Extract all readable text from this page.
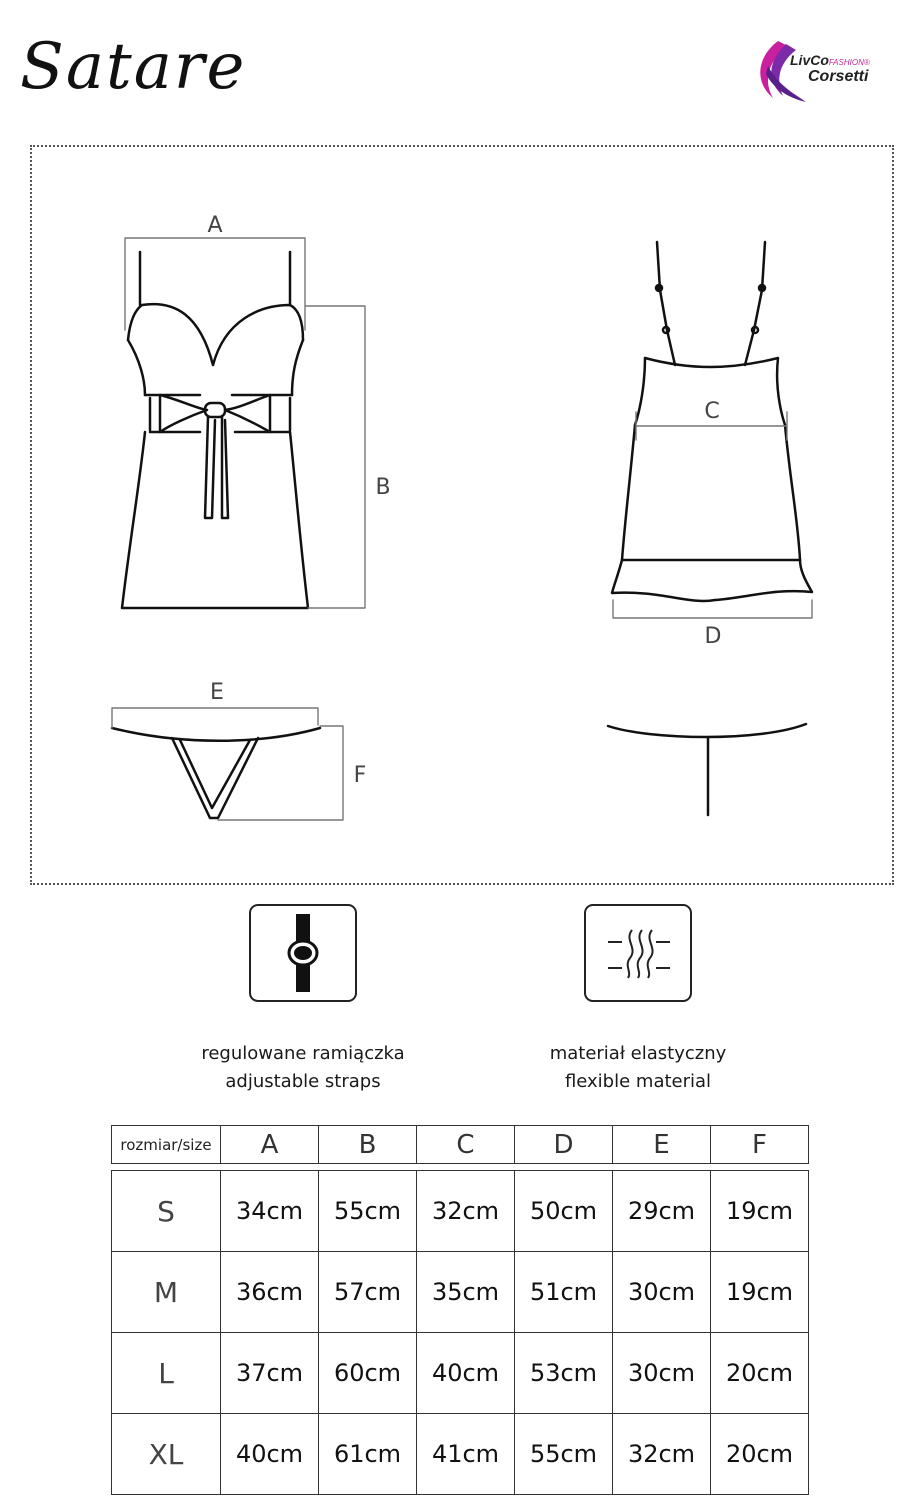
Satare	LivCoFASHION®
Corsetti
A
B
C
D
E
F
regulowane ramiączka
adjustable straps
materiał elastyczny
flexible material
rozmiar/size	A	B	C	D	E	F

S	34cm	55cm	32cm	50cm	29cm	19cm
M	36cm	57cm	35cm	51cm	30cm	19cm
L	37cm	60cm	40cm	53cm	30cm	20cm
XL	40cm	61cm	41cm	55cm	32cm	20cm
